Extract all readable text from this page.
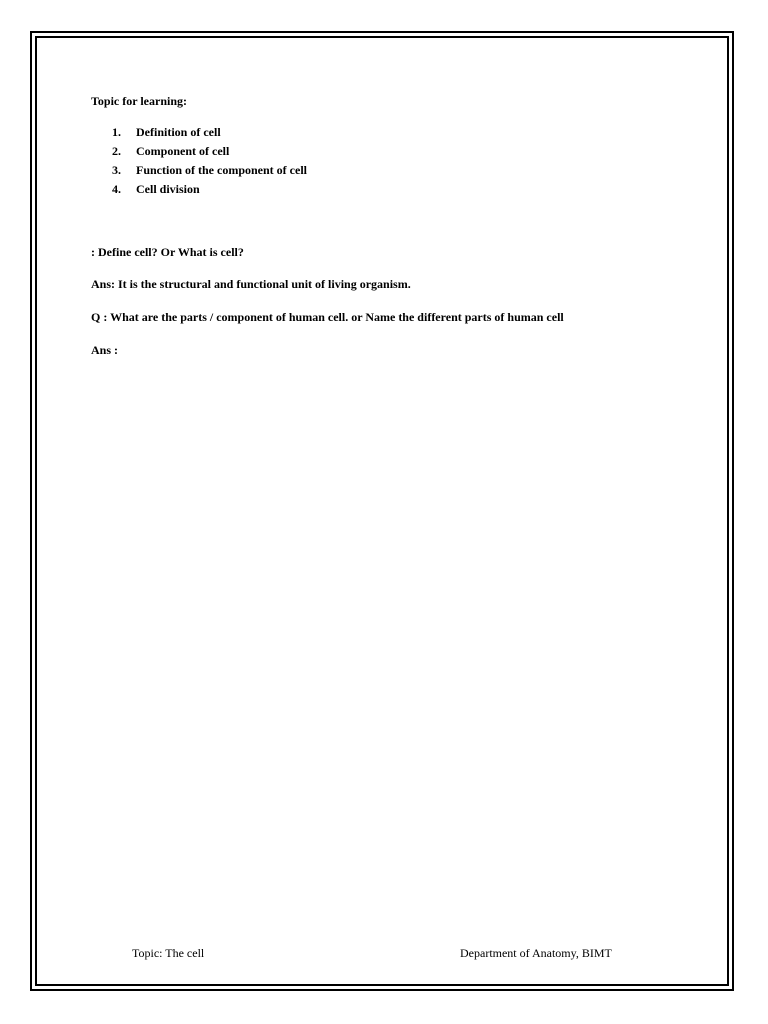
Topic for learning:

1.	Definition of cell
2.	Component of cell
3.	Function of the component of cell
4.	Cell division

: Define cell? Or What is cell?

Ans: It is the structural and functional unit of living organism.

Q : What are the parts / component of human cell. or Name the different parts of human cell

Ans :

Topic: The cell	Department of Anatomy, BIMT
